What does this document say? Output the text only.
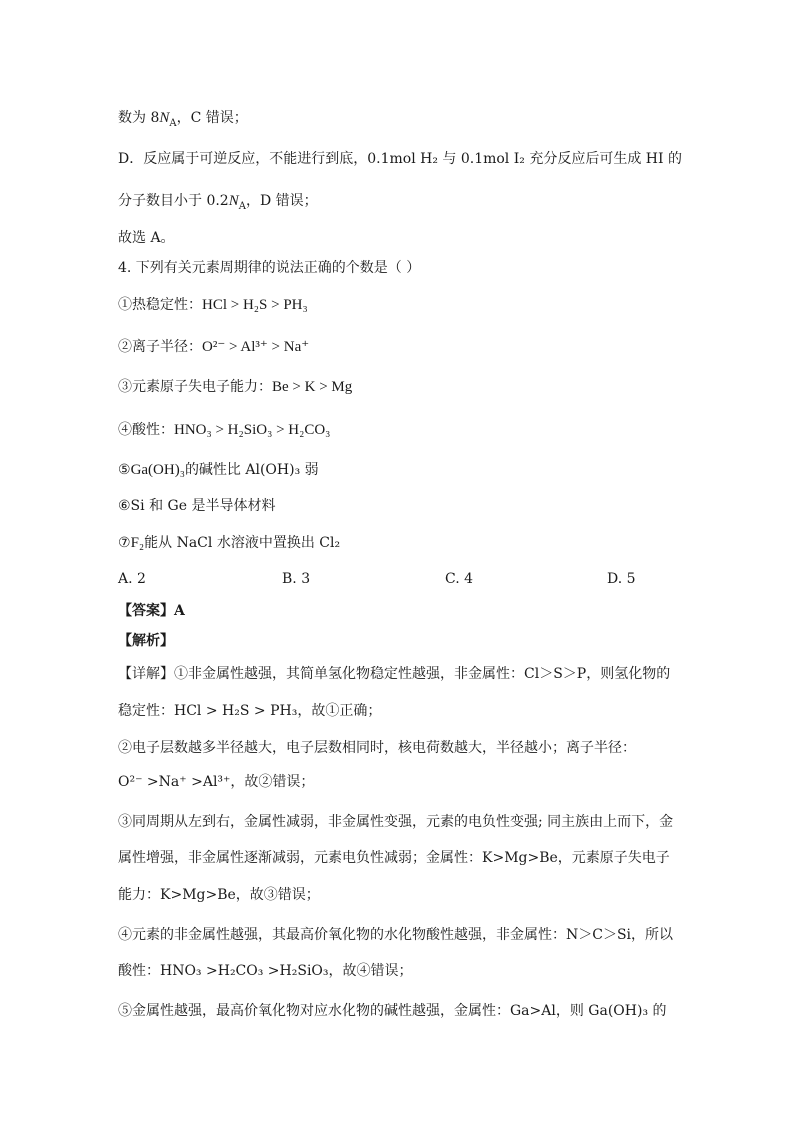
数为 $8N_A$，C 错误；
D．反应属于可逆反应，不能进行到底，0.1mol H₂ 与 0.1mol I₂ 充分反应后可生成 HI 的
分子数目小于 $0.2N_A$，D 错误；
故选 A。
4. 下列有关元素周期律的说法正确的个数是（ ）
①热稳定性：HCl > H₂S > PH₃
②离子半径：O²⁻ > Al³⁺ > Na⁺
③元素原子失电子能力：Be > K > Mg
④酸性：HNO₃ > H₂SiO₃ > H₂CO₃
⑤Ga(OH)₃的碱性比 Al(OH)₃ 弱
⑥Si 和 Ge 是半导体材料
⑦F₂能从 NaCl 水溶液中置换出 Cl₂
A. 2	B. 3	C. 4	D. 5
【答案】A
【解析】
【详解】①非金属性越强，其简单氢化物稳定性越强，非金属性：Cl＞S＞P，则氢化物的
稳定性：HCl > H₂S > PH₃，故①正确；
②电子层数越多半径越大，电子层数相同时，核电荷数越大，半径越小；离子半径：
O²⁻ >Na⁺ >Al³⁺，故②错误；
③同周期从左到右，金属性减弱，非金属性变强，元素的电负性变强; 同主族由上而下，金
属性增强，非金属性逐渐减弱，元素电负性减弱；金属性：K>Mg>Be，元素原子失电子
能力：K>Mg>Be，故③错误；
④元素的非金属性越强，其最高价氧化物的水化物酸性越强，非金属性：N＞C＞Si，所以
酸性：HNO₃ >H₂CO₃ >H₂SiO₃，故④错误；
⑤金属性越强，最高价氧化物对应水化物的碱性越强，金属性：Ga>Al，则 Ga(OH)₃ 的
